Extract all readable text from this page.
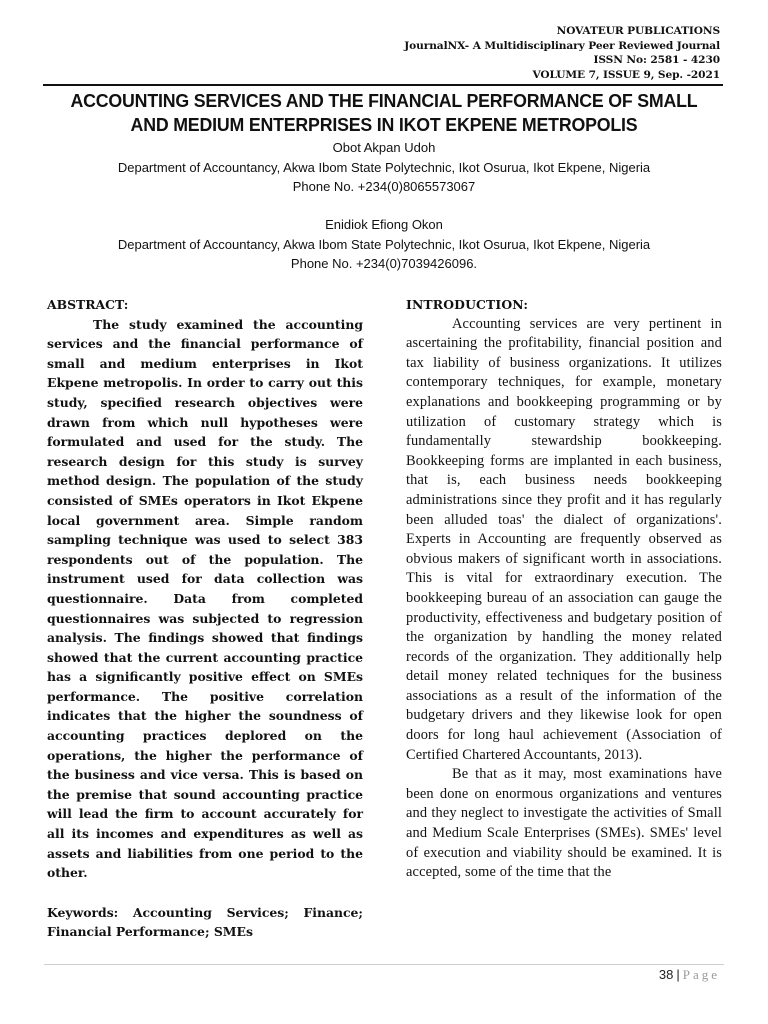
NOVATEUR PUBLICATIONS
JournalNX- A Multidisciplinary Peer Reviewed Journal
ISSN No: 2581 - 4230
VOLUME 7, ISSUE 9, Sep. -2021
ACCOUNTING SERVICES AND THE FINANCIAL PERFORMANCE OF SMALL
AND MEDIUM ENTERPRISES IN IKOT EKPENE METROPOLIS
Obot Akpan Udoh
Department of Accountancy, Akwa Ibom State Polytechnic, Ikot Osurua, Ikot Ekpene, Nigeria
Phone No. +234(0)8065573067
Enidiok Efiong Okon
Department of Accountancy, Akwa Ibom State Polytechnic, Ikot Osurua, Ikot Ekpene, Nigeria
Phone No. +234(0)7039426096.

ABSTRACT:

The study examined the accounting services and the financial performance of small and medium enterprises in Ikot Ekpene metropolis. In order to carry out this study, specified research objectives were drawn from which null hypotheses were formulated and used for the study. The research design for this study is survey method design. The population of the study consisted of SMEs operators in Ikot Ekpene local government area. Simple random sampling technique was used to select 383 respondents out of the population. The instrument used for data collection was questionnaire. Data from completed questionnaires was subjected to regression analysis. The findings showed that findings showed that the current accounting practice has a significantly positive effect on SMEs performance. The positive correlation indicates that the higher the soundness of accounting practices deplored on the operations, the higher the performance of the business and vice versa. This is based on the premise that sound accounting practice will lead the firm to account accurately for all its incomes and expenditures as well as assets and liabilities from one period to the other.

Keywords: Accounting Services; Finance; Financial Performance; SMEs

INTRODUCTION:

Accounting services are very pertinent in ascertaining the profitability, financial position and tax liability of business organizations. It utilizes contemporary techniques, for example, monetary explanations and bookkeeping programming or by utilization of customary strategy which is fundamentally stewardship bookkeeping. Bookkeeping forms are implanted in each business, that is, each business needs bookkeeping administrations since they profit and it has regularly been alluded toas' the dialect of organizations'. Experts in Accounting are frequently observed as obvious makers of significant worth in associations. This is vital for extraordinary execution. The bookkeeping bureau of an association can gauge the productivity, effectiveness and budgetary position of the organization by handling the money related records of the organization. They additionally help detail money related techniques for the business associations as a result of the information of the budgetary drivers and they likewise look for open doors for long haul achievement (Association of Certified Chartered Accountants, 2013).

Be that as it may, most examinations have been done on enormous organizations and ventures and they neglect to investigate the activities of Small and Medium Scale Enterprises (SMEs). SMEs' level of execution and viability should be examined. It is accepted, some of the time that the

38 | Page
